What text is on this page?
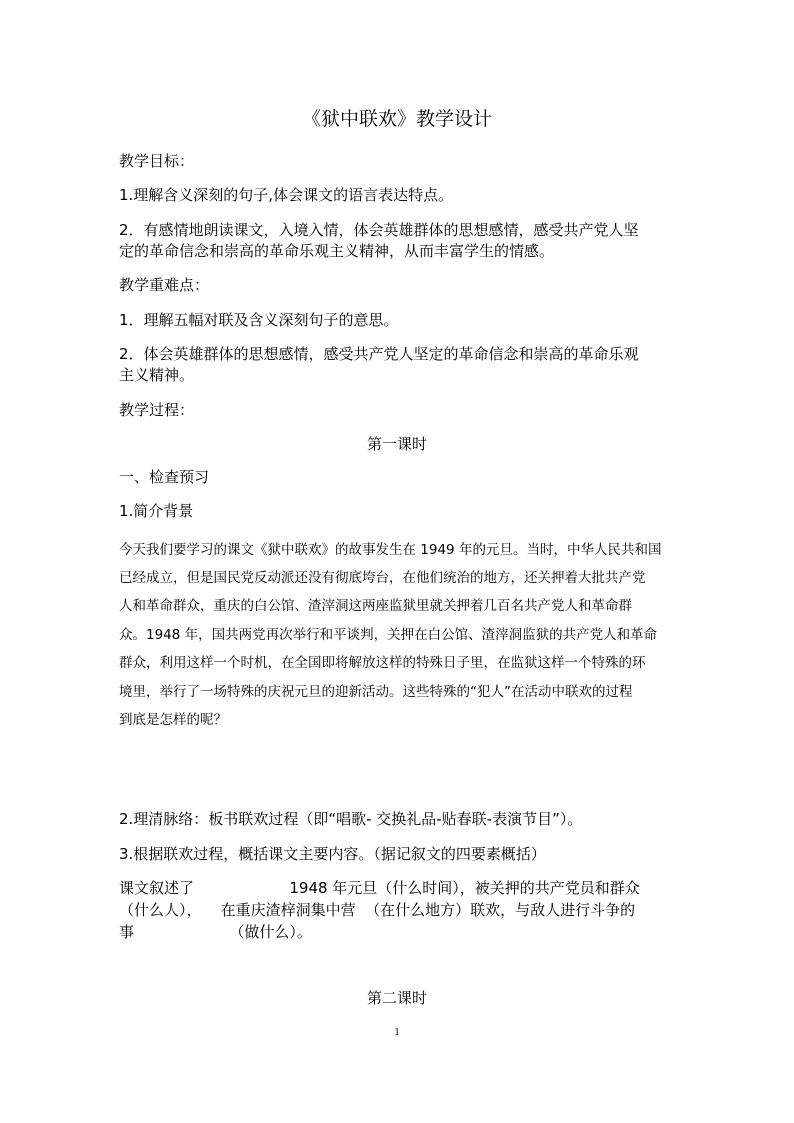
《狱中联欢》教学设计
教学目标：
1.理解含义深刻的句子,体会课文的语言表达特点。
2．有感情地朗读课文，入境入情，体会英雄群体的思想感情，感受共产党人坚
定的革命信念和崇高的革命乐观主义精神，从而丰富学生的情感。
教学重难点：
1．理解五幅对联及含义深刻句子的意思。
2．体会英雄群体的思想感情，感受共产党人坚定的革命信念和崇高的革命乐观
主义精神。
教学过程：
第一课时
一、检查预习
1.简介背景
今天我们要学习的课文《狱中联欢》的故事发生在 1949 年的元旦。当时，中华人民共和国
已经成立，但是国民党反动派还没有彻底垮台，在他们统治的地方，还关押着大批共产党
人和革命群众，重庆的白公馆、渣滓洞这两座监狱里就关押着几百名共产党人和革命群
众。1948 年，国共两党再次举行和平谈判，关押在白公馆、渣滓洞监狱的共产党人和革命
群众，利用这样一个时机，在全国即将解放这样的特殊日子里，在监狱这样一个特殊的环
境里，举行了一场特殊的庆祝元旦的迎新活动。这些特殊的“犯人”在活动中联欢的过程
到底是怎样的呢？
2.理清脉络：板书联欢过程（即“唱歌- 交换礼品-贴春联-表演节目”）。
3.根据联欢过程，概括课文主要内容。（据记叙文的四要素概括）
课文叙述了                    1948 年元旦（什么时间），被关押的共产党员和群众
（什么人），    在重庆渣梓洞集中营  （在什么地方）联欢，与敌人进行斗争的
事                    （做什么）。
第二课时
1
